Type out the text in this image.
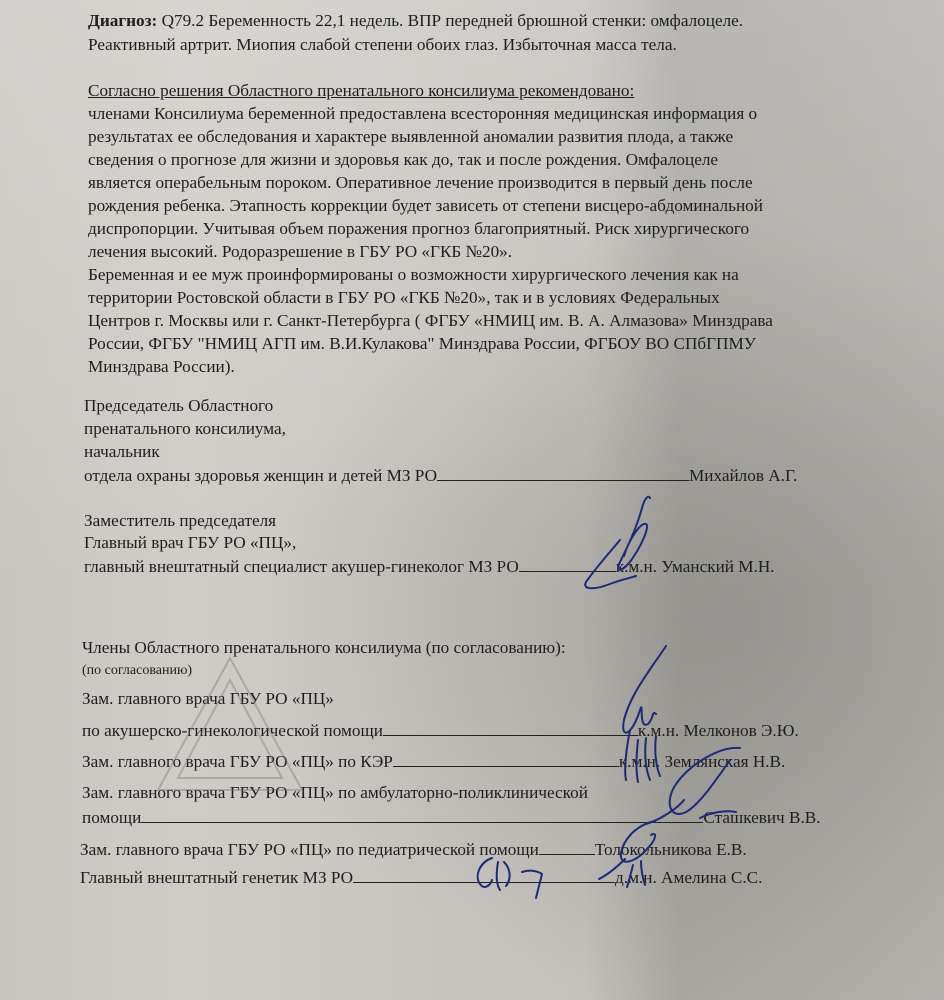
Диагноз: Q79.2 Беременность 22,1 недель. ВПР передней брюшной стенки: омфалоцеле.
Реактивный артрит. Миопия слабой степени обоих глаз. Избыточная масса тела.
Согласно решения Областного пренатального консилиума рекомендовано:
членами Консилиума беременной предоставлена всесторонняя медицинская информация о
результатах ее обследования и характере выявленной аномалии развития плода, а также
сведения о прогнозе для жизни и здоровья как до, так и после рождения. Омфалоцеле
является операбельным пороком. Оперативное лечение производится в первый день после
рождения ребенка. Этапность коррекции будет зависеть от степени висцеро-абдоминальной
диспропорции. Учитывая объем поражения прогноз благоприятный. Риск хирургического
лечения высокий. Родоразрешение в ГБУ РО «ГКБ №20».
Беременная и ее муж проинформированы о возможности хирургического лечения как на
территории Ростовской области в ГБУ РО «ГКБ №20», так и в условиях Федеральных
Центров г. Москвы или г. Санкт-Петербурга ( ФГБУ «НМИЦ им. В. А. Алмазова» Минздрава
России, ФГБУ "НМИЦ АГП им. В.И.Кулакова" Минздрава России, ФГБОУ ВО СПбГПМУ
Минздрава России).
Председатель Областного
пренатального консилиума,
начальник
отдела охраны здоровья женщин и детей МЗ РО	Михайлов А.Г.
Заместитель председателя
Главный врач ГБУ РО «ПЦ»,
главный внештатный специалист акушер-гинеколог МЗ РО	к.м.н. Уманский М.Н.
Члены Областного пренатального консилиума (по согласованию):
(по согласованию)
Зам. главного врача ГБУ РО «ПЦ»
по акушерско-гинекологической помощи	к.м.н. Мелконов Э.Ю.
Зам. главного врача ГБУ РО «ПЦ» по КЭР	к.м.н. Землянская Н.В.
Зам. главного врача ГБУ РО «ПЦ» по амбулаторно-поликлинической
помощи	Сташкевич В.В.
Зам. главного врача ГБУ РО «ПЦ» по педиатрической помощи	Толокольникова Е.В.
Главный внештатный генетик МЗ РО	д.м.н. Амелина С.С.
